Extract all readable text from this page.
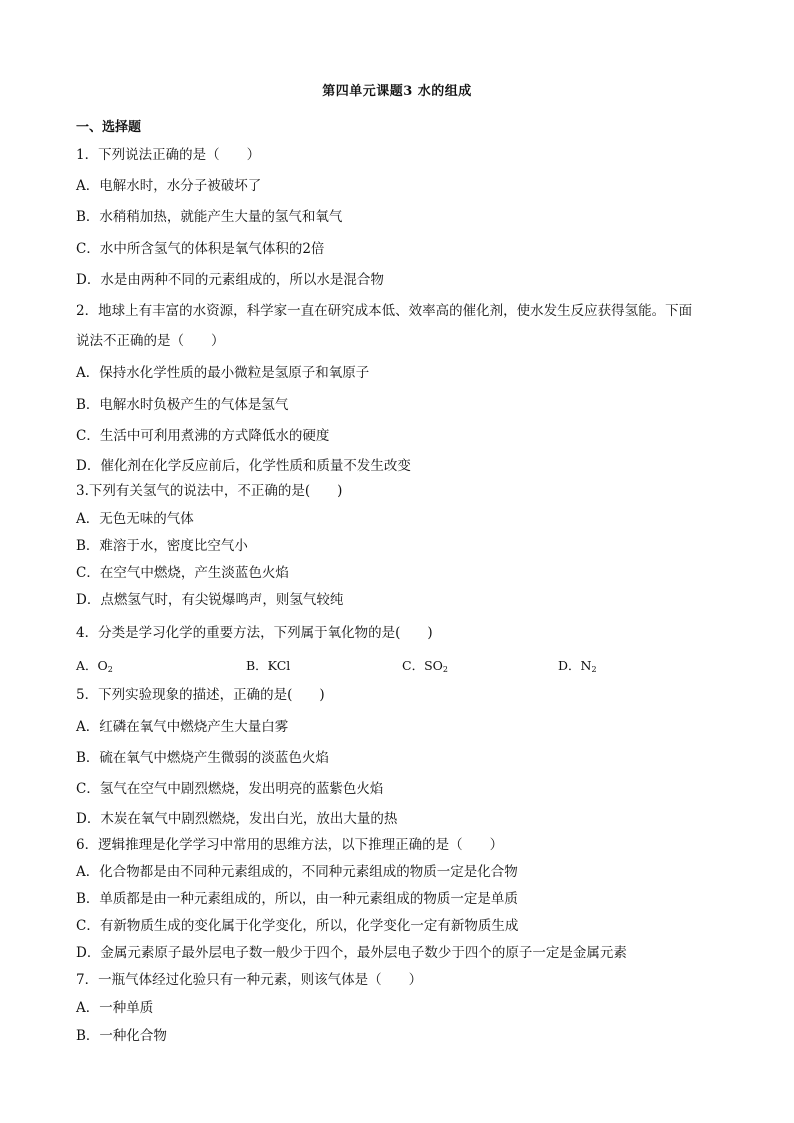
第四单元课题3 水的组成
一、选择题
1．下列说法正确的是（　　）
A．电解水时，水分子被破坏了
B．水稍稍加热，就能产生大量的氢气和氧气
C．水中所含氢气的体积是氧气体积的2倍
D．水是由两种不同的元素组成的，所以水是混合物
2．地球上有丰富的水资源，科学家一直在研究成本低、效率高的催化剂，使水发生反应获得氢能。下面
说法不正确的是（　　）
A．保持水化学性质的最小微粒是氢原子和氧原子
B．电解水时负极产生的气体是氢气
C．生活中可利用煮沸的方式降低水的硬度
D．催化剂在化学反应前后，化学性质和质量不发生改变
3.下列有关氢气的说法中，不正确的是(　　)
A．无色无味的气体
B．难溶于水，密度比空气小
C．在空气中燃烧，产生淡蓝色火焰
D．点燃氢气时，有尖锐爆鸣声，则氢气较纯
4．分类是学习化学的重要方法，下列属于氧化物的是(　　)
A．$O_2$	B．KCl	C．$SO_2$	D．$N_2$
5．下列实验现象的描述，正确的是(　　)
A．红磷在氧气中燃烧产生大量白雾
B．硫在氧气中燃烧产生微弱的淡蓝色火焰
C．氢气在空气中剧烈燃烧，发出明亮的蓝紫色火焰
D．木炭在氧气中剧烈燃烧，发出白光，放出大量的热
6．逻辑推理是化学学习中常用的思维方法，以下推理正确的是（　　）
A．化合物都是由不同种元素组成的，不同种元素组成的物质一定是化合物
B．单质都是由一种元素组成的，所以，由一种元素组成的物质一定是单质
C．有新物质生成的变化属于化学变化，所以，化学变化一定有新物质生成
D．金属元素原子最外层电子数一般少于四个，最外层电子数少于四个的原子一定是金属元素
7．一瓶气体经过化验只有一种元素，则该气体是（　　）
A．一种单质
B．一种化合物
